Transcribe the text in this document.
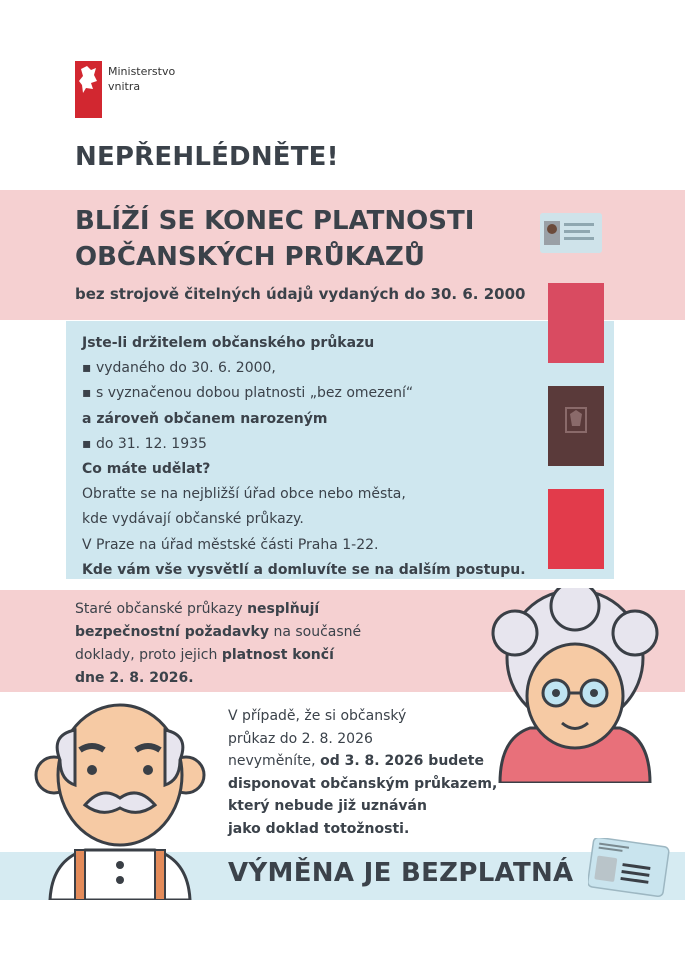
Ministerstvo
vnitra
NEPŘEHLÉDNĚTE!
BLÍŽÍ SE KONEC PLATNOSTI
OBČANSKÝCH PRŮKAZŮ
bez strojově čitelných údajů vydaných do 30. 6. 2000
Jste-li držitelem občanského průkazu
▪ vydaného do 30. 6. 2000,
▪ s vyznačenou dobou platnosti „bez omezení“
a zároveň občanem narozeným
▪ do 31. 12. 1935
Co máte udělat?
Obraťte se na nejbližší úřad obce nebo města,
kde vydávají občanské průkazy.
V Praze na úřad městské části Praha 1-22.
Kde vám vše vysvětlí a domluvíte se na dalším postupu.
Staré občanské průkazy nesplňují
bezpečnostní požadavky na současné
doklady, proto jejich platnost končí
dne 2. 8. 2026.
V případě, že si občanský
průkaz do 2. 8. 2026
nevyměníte, od 3. 8. 2026 budete
disponovat občanským průkazem,
který nebude již uznáván
jako doklad totožnosti.
VÝMĚNA JE BEZPLATNÁ
